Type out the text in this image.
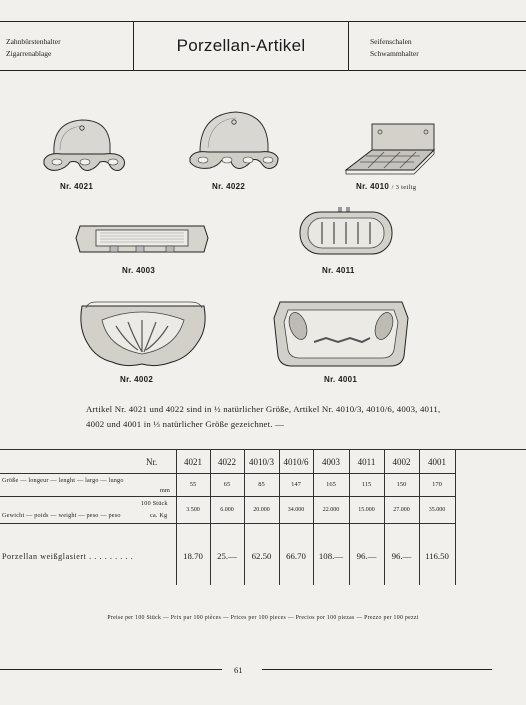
Zahnbürstenhalter
Zigarrenablage	Porzellan-Artikel	Seifenschalen
Schwammhalter
Nr. 4021	Nr. 4022	Nr. 4010 / 3 teilig
Nr. 4003	Nr. 4011
Nr. 4002	Nr. 4001
Artikel Nr. 4021 und 4022 sind in ½ natürlicher Größe, Artikel Nr. 4010/3, 4010/6, 4003, 4011, 4002 und 4001 in ⅓ natürlicher Größe gezeichnet. —
Nr.	4021	4022	4010/3	4010/6	4003	4011	4002	4001
Größe — longeur — lenght — largo — lungo
mm
55	65	85	147	165	115	150	170
100 Stück
Gewicht — poids — weight — peso — peso	ca. Kg
3.500	6.000	20.000	34.000	22.000	15.000	27.000	35.000
Porzellan weißglasiert . . . . . . . . .	18.70	25.—	62.50	66.70	108.—	96.—	96.—	116.50
Preise per 100 Stück — Prix par 100 pièces — Prices per 100 pieces — Precios por 100 piezas — Prezzo per 100 pezzi
61
